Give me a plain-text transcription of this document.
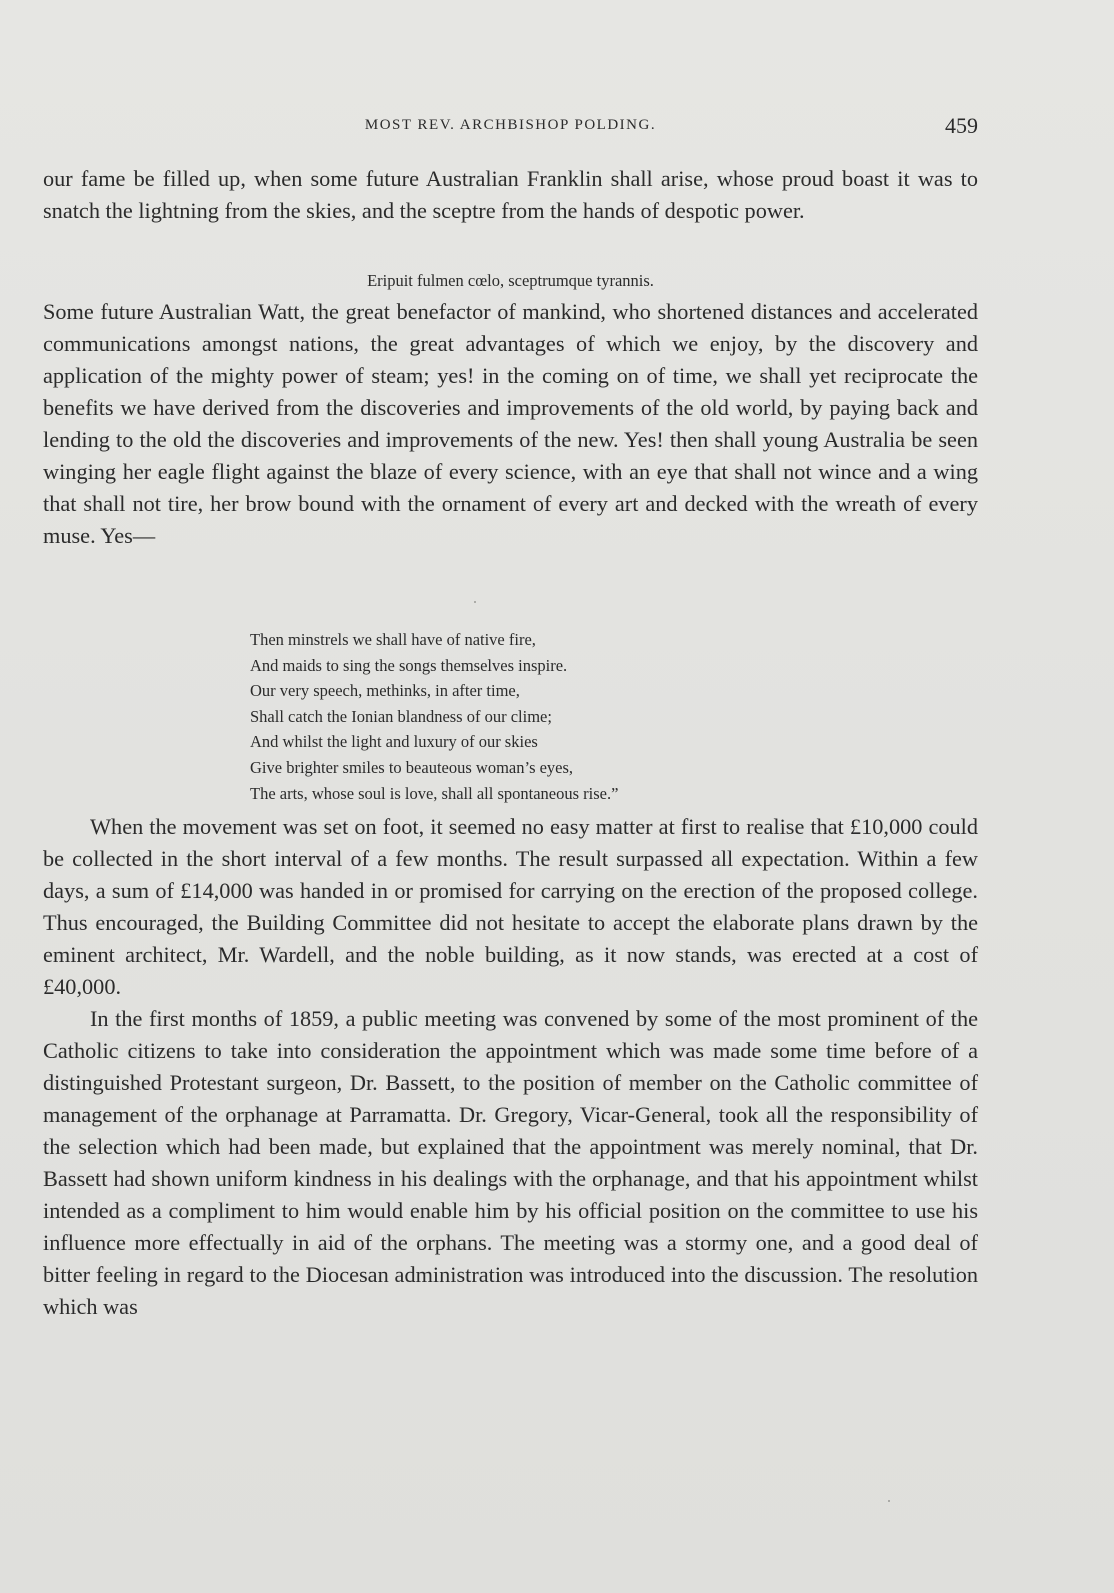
MOST REV. ARCHBISHOP POLDING.	459

our fame be filled up, when some future Australian Franklin shall arise, whose proud boast it was to snatch the lightning from the skies, and the sceptre from the hands of despotic power.

Eripuit fulmen cœlo, sceptrumque tyrannis.

Some future Australian Watt, the great benefactor of mankind, who shortened distances and accelerated communications amongst nations, the great advantages of which we enjoy, by the discovery and application of the mighty power of steam; yes! in the coming on of time, we shall yet reciprocate the benefits we have derived from the discoveries and improvements of the old world, by paying back and lending to the old the discoveries and improvements of the new. Yes! then shall young Australia be seen winging her eagle flight against the blaze of every science, with an eye that shall not wince and a wing that shall not tire, her brow bound with the ornament of every art and decked with the wreath of every muse. Yes—

Then minstrels we shall have of native fire,
And maids to sing the songs themselves inspire.
Our very speech, methinks, in after time,
Shall catch the Ionian blandness of our clime;
And whilst the light and luxury of our skies
Give brighter smiles to beauteous woman’s eyes,
The arts, whose soul is love, shall all spontaneous rise.”

When the movement was set on foot, it seemed no easy matter at first to realise that £10,000 could be collected in the short interval of a few months. The result surpassed all expectation. Within a few days, a sum of £14,000 was handed in or promised for carrying on the erection of the proposed college. Thus encouraged, the Building Committee did not hesitate to accept the elaborate plans drawn by the eminent architect, Mr. Wardell, and the noble building, as it now stands, was erected at a cost of £40,000.

In the first months of 1859, a public meeting was convened by some of the most prominent of the Catholic citizens to take into consideration the appointment which was made some time before of a distinguished Protestant surgeon, Dr. Bassett, to the position of member on the Catholic committee of management of the orphanage at Parramatta. Dr. Gregory, Vicar-General, took all the responsibility of the selection which had been made, but explained that the appointment was merely nominal, that Dr. Bassett had shown uniform kindness in his dealings with the orphanage, and that his appointment whilst intended as a compliment to him would enable him by his official position on the committee to use his influence more effectually in aid of the orphans. The meeting was a stormy one, and a good deal of bitter feeling in regard to the Diocesan administration was introduced into the discussion. The resolution which was
